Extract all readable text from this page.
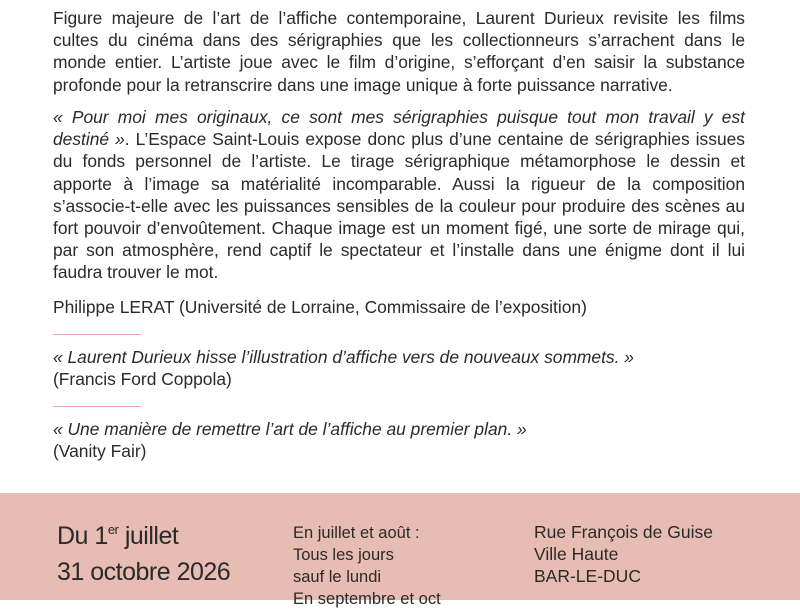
Figure majeure de l’art de l’affiche contemporaine, Laurent Durieux revisite les films cultes du cinéma dans des sérigraphies que les collectionneurs s’arrachent dans le monde entier. L’artiste joue avec le film d’origine, s’efforçant d’en saisir la substance profonde pour la retranscrire dans une image unique à forte puissance narrative.
« Pour moi mes originaux, ce sont mes sérigraphies puisque tout mon travail y est destiné ». L’Espace Saint-Louis expose donc plus d’une centaine de sérigraphies issues du fonds personnel de l’artiste. Le tirage sérigraphique métamorphose le dessin et apporte à l’image sa matérialité incomparable. Aussi la rigueur de la composition s’associe-t-elle avec les puissances sensibles de la couleur pour produire des scènes au fort pouvoir d’envoûtement. Chaque image est un moment figé, une sorte de mirage qui, par son atmosphère, rend captif le spectateur et l’installe dans une énigme dont il lui faudra trouver le mot.
Philippe LERAT (Université de Lorraine, Commissaire de l’exposition)
« Laurent Durieux hisse l’illustration d’affiche vers de nouveaux sommets. »
(Francis Ford Coppola)
« Une manière de remettre l’art de l’affiche au premier plan. »
(Vanity Fair)
Du 1er juillet
31 octobre 2026
En juillet et août :
Tous les jours
sauf le lundi
En septembre et oct
Rue François de Guise
Ville Haute
BAR-LE-DUC
